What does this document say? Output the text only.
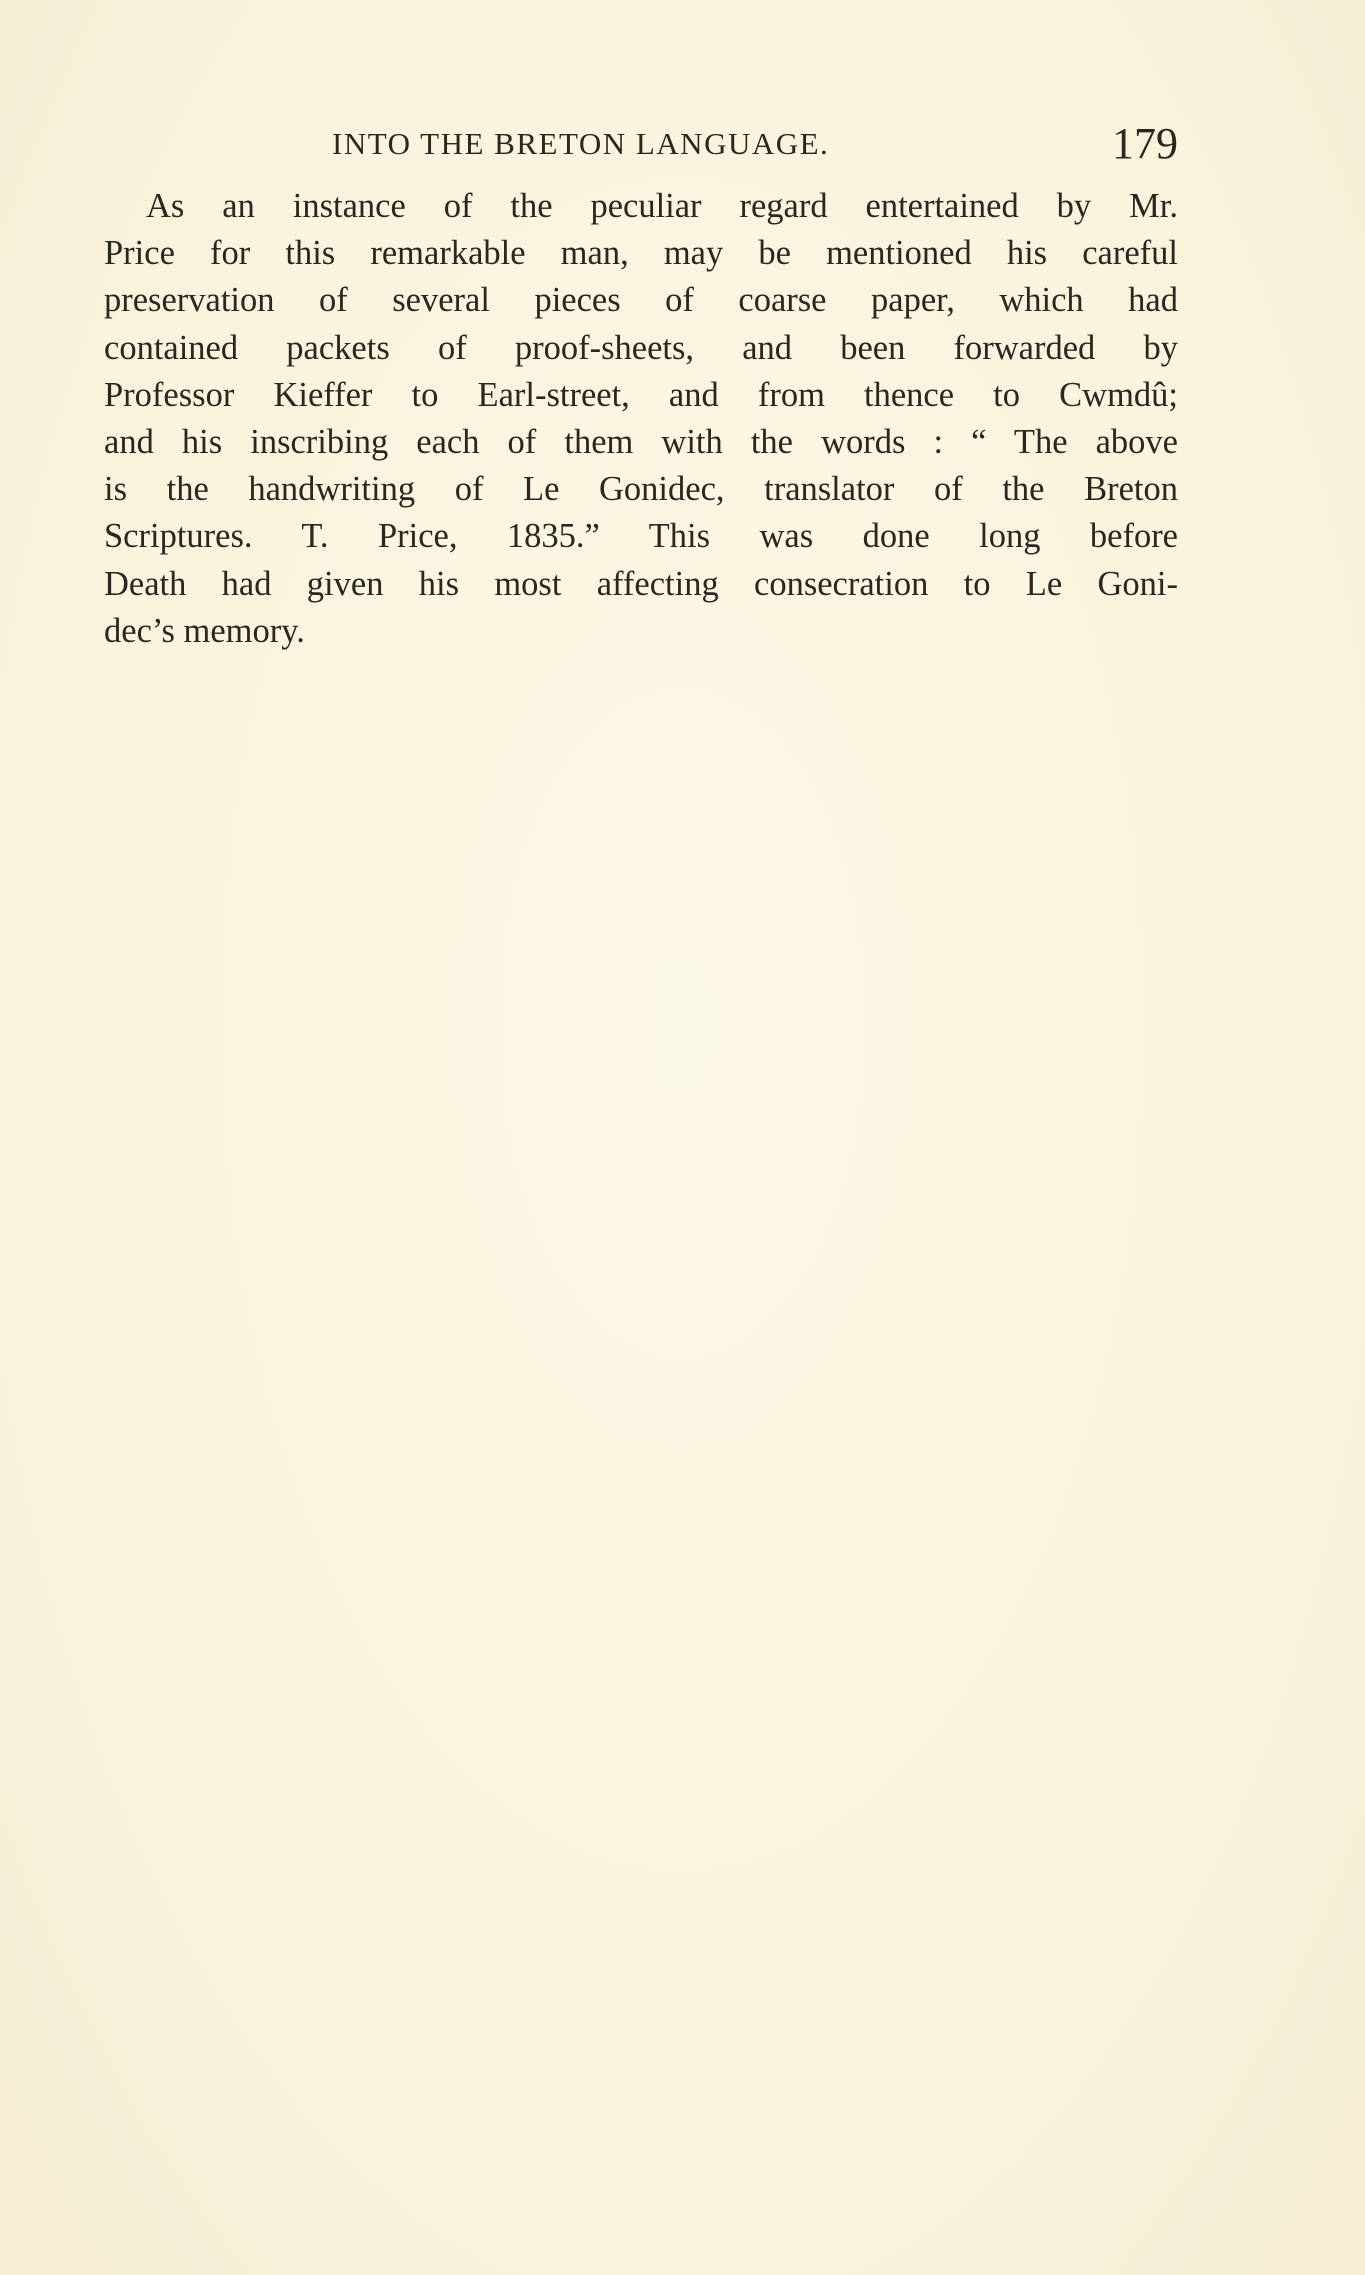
INTO THE BRETON LANGUAGE.	179
As an instance of the peculiar regard entertained by Mr.
Price for this remarkable man, may be mentioned his careful
preservation of several pieces of coarse paper, which had
contained packets of proof-sheets, and been forwarded by
Professor Kieffer to Earl-street, and from thence to Cwmdû;
and his inscribing each of them with the words : “ The above
is the handwriting of Le Gonidec, translator of the Breton
Scriptures. T. Price, 1835.” This was done long before
Death had given his most affecting consecration to Le Goni-
dec’s memory.
